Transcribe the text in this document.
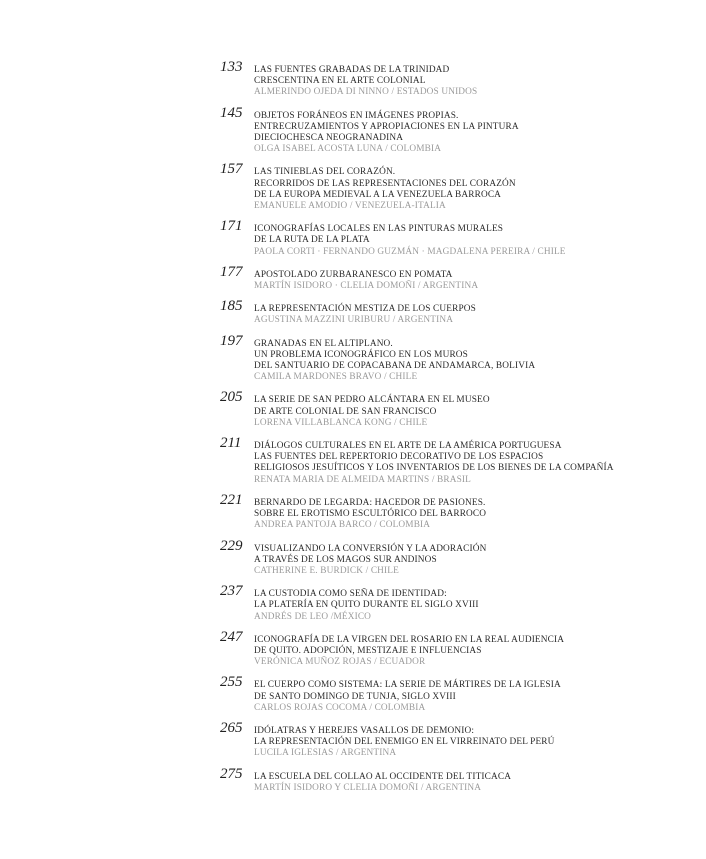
133	LAS FUENTES GRABADAS DE LA TRINIDAD
CRESCENTINA EN EL ARTE COLONIAL
ALMERINDO OJEDA DI NINNO / ESTADOS UNIDOS
145	OBJETOS FORÁNEOS EN IMÁGENES PROPIAS.
ENTRECRUZAMIENTOS Y APROPIACIONES EN LA PINTURA
DIECIOCHESCA NEOGRANADINA
OLGA ISABEL ACOSTA LUNA / COLOMBIA
157	LAS TINIEBLAS DEL CORAZÓN.
RECORRIDOS DE LAS REPRESENTACIONES DEL CORAZÓN
DE LA EUROPA MEDIEVAL A LA VENEZUELA BARROCA
EMANUELE AMODIO / VENEZUELA-ITALIA
171	ICONOGRAFÍAS LOCALES EN LAS PINTURAS MURALES
DE LA RUTA DE LA PLATA
PAOLA CORTI · FERNANDO GUZMÁN · MAGDALENA PEREIRA / CHILE
177	APOSTOLADO ZURBARANESCO EN POMATA
MARTÍN ISIDORO · CLELIA DOMOÑI / ARGENTINA
185	LA REPRESENTACIÓN MESTIZA DE LOS CUERPOS
AGUSTINA MAZZINI URIBURU / ARGENTINA
197	GRANADAS EN EL ALTIPLANO.
UN PROBLEMA ICONOGRÁFICO EN LOS MUROS
DEL SANTUARIO DE COPACABANA DE ANDAMARCA, BOLIVIA
CAMILA MARDONES BRAVO / CHILE
205	LA SERIE DE SAN PEDRO ALCÁNTARA EN EL MUSEO
DE ARTE COLONIAL DE SAN FRANCISCO
LORENA VILLABLANCA KONG / CHILE
211	DIÁLOGOS CULTURALES EN EL ARTE DE LA AMÉRICA PORTUGUESA
LAS FUENTES DEL REPERTORIO DECORATIVO DE LOS ESPACIOS
RELIGIOSOS JESUÍTICOS Y LOS INVENTARIOS DE LOS BIENES DE LA COMPAÑÍA
RENATA MARIA DE ALMEIDA MARTINS / BRASIL
221	BERNARDO DE LEGARDA: HACEDOR DE PASIONES.
SOBRE EL EROTISMO ESCULTÓRICO DEL BARROCO
ANDREA PANTOJA BARCO / COLOMBIA
229	VISUALIZANDO LA CONVERSIÓN Y LA ADORACIÓN
A TRAVÉS DE LOS MAGOS SUR ANDINOS
CATHERINE E. BURDICK / CHILE
237	LA CUSTODIA COMO SEÑA DE IDENTIDAD:
LA PLATERÍA EN QUITO DURANTE EL SIGLO XVIII
ANDRÉS DE LEO /MÉXICO
247	ICONOGRAFÍA DE LA VIRGEN DEL ROSARIO EN LA REAL AUDIENCIA
DE QUITO. ADOPCIÓN, MESTIZAJE E INFLUENCIAS
VERÓNICA MUÑOZ ROJAS / ECUADOR
255	EL CUERPO COMO SISTEMA: LA SERIE DE MÁRTIRES DE LA IGLESIA
DE SANTO DOMINGO DE TUNJA, SIGLO XVIII
CARLOS ROJAS COCOMA / COLOMBIA
265	IDÓLATRAS Y HEREJES VASALLOS DE DEMONIO:
LA REPRESENTACIÓN DEL ENEMIGO EN EL VIRREINATO DEL PERÚ
LUCILA IGLESIAS / ARGENTINA
275	LA ESCUELA DEL COLLAO AL OCCIDENTE DEL TITICACA
MARTÍN ISIDORO Y CLELIA DOMOÑI / ARGENTINA
